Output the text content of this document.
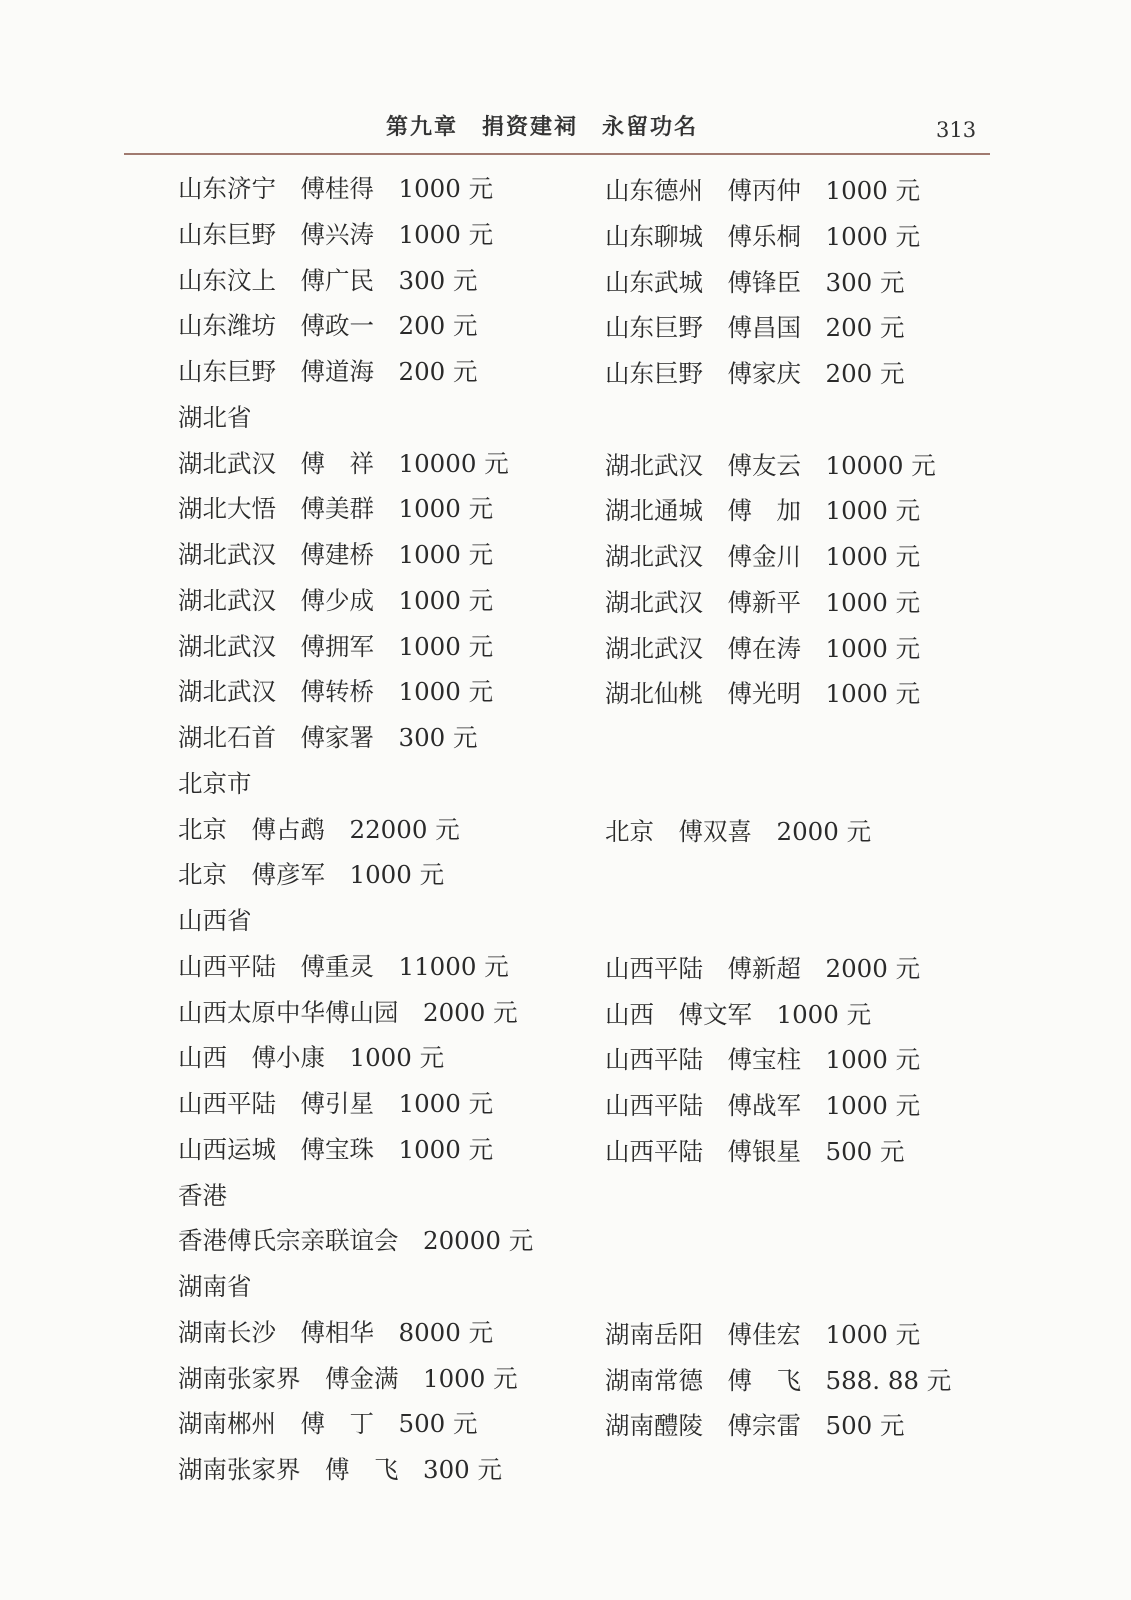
第九章　捐资建祠　永留功名	313
山东济宁　 傅桂得　 1000 元	山东德州　 傅丙仲　 1000 元
山东巨野　 傅兴涛　 1000 元	山东聊城　 傅乐桐　 1000 元
山东汶上　 傅广民　 300 元	山东武城　 傅锋臣　 300 元
山东潍坊　 傅政一　 200 元	山东巨野　 傅昌国　 200 元
山东巨野　 傅道海　 200 元	山东巨野　 傅家庆　 200 元
湖北省
湖北武汉　 傅　祥　 10000 元	湖北武汉　 傅友云　 10000 元
湖北大悟　 傅美群　 1000 元	湖北通城　 傅　加　 1000 元
湖北武汉　 傅建桥　 1000 元	湖北武汉　 傅金川　 1000 元
湖北武汉　 傅少成　 1000 元	湖北武汉　 傅新平　 1000 元
湖北武汉　 傅拥军　 1000 元	湖北武汉　 傅在涛　 1000 元
湖北武汉　 傅转桥　 1000 元	湖北仙桃　 傅光明　 1000 元
湖北石首　 傅家署　 300 元
北京市
北京　 傅占鹉　 22000 元	北京　 傅双喜　 2000 元
北京　 傅彦军　 1000 元
山西省
山西平陆　 傅重灵　 11000 元	山西平陆　 傅新超　 2000 元
山西太原中华傅山园　 2000 元	山西　 傅文军　 1000 元
山西　 傅小康　 1000 元	山西平陆　 傅宝柱　 1000 元
山西平陆　 傅引星　 1000 元	山西平陆　 傅战军　 1000 元
山西运城　 傅宝珠　 1000 元	山西平陆　 傅银星　 500 元
香港
香港傅氏宗亲联谊会　 20000 元
湖南省
湖南长沙　 傅相华　 8000 元	湖南岳阳　 傅佳宏　 1000 元
湖南张家界　 傅金满　 1000 元	湖南常德　 傅　飞　 588. 88 元
湖南郴州　 傅　丁　 500 元	湖南醴陵　 傅宗雷　 500 元
湖南张家界　 傅　飞　 300 元
